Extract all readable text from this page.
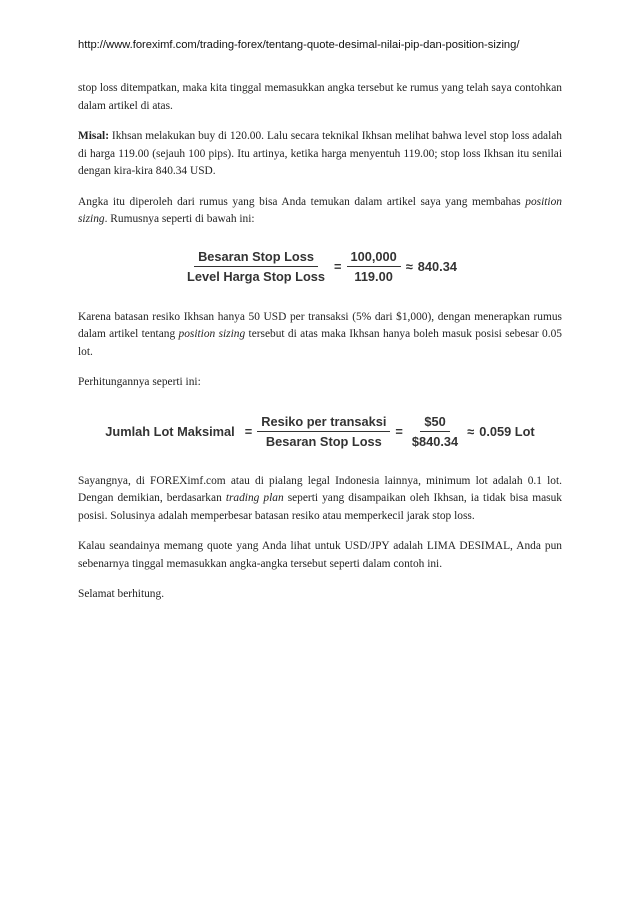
http://www.foreximf.com/trading-forex/tentang-quote-desimal-nilai-pip-dan-position-sizing/

stop loss ditempatkan, maka kita tinggal memasukkan angka tersebut ke rumus yang telah saya contohkan dalam artikel di atas.

Misal: Ikhsan melakukan buy di 120.00. Lalu secara teknikal Ikhsan melihat bahwa level stop loss adalah di harga 119.00 (sejauh 100 pips). Itu artinya, ketika harga menyentuh 119.00; stop loss Ikhsan itu senilai dengan kira-kira 840.34 USD.

Angka itu diperoleh dari rumus yang bisa Anda temukan dalam artikel saya yang membahas position sizing. Rumusnya seperti di bawah ini:

$\frac{\text{Besaran Stop Loss}}{\text{Level Harga Stop Loss}} = \frac{100,000}{119.00} \approx 840.34$

Karena batasan resiko Ikhsan hanya 50 USD per transaksi (5% dari $1,000), dengan menerapkan rumus dalam artikel tentang position sizing tersebut di atas maka Ikhsan hanya boleh masuk posisi sebesar 0.05 lot.

Perhitungannya seperti ini:

Jumlah Lot Maksimal = $\frac{\text{Resiko per transaksi}}{\text{Besaran Stop Loss}} = \frac{\$50}{\$840.34} \approx 0.059$ Lot

Sayangnya, di FOREXimf.com atau di pialang legal Indonesia lainnya, minimum lot adalah 0.1 lot. Dengan demikian, berdasarkan trading plan seperti yang disampaikan oleh Ikhsan, ia tidak bisa masuk posisi. Solusinya adalah memperbesar batasan resiko atau memperkecil jarak stop loss.

Kalau seandainya memang quote yang Anda lihat untuk USD/JPY adalah LIMA DESIMAL, Anda pun sebenarnya tinggal memasukkan angka-angka tersebut seperti dalam contoh ini.

Selamat berhitung.
